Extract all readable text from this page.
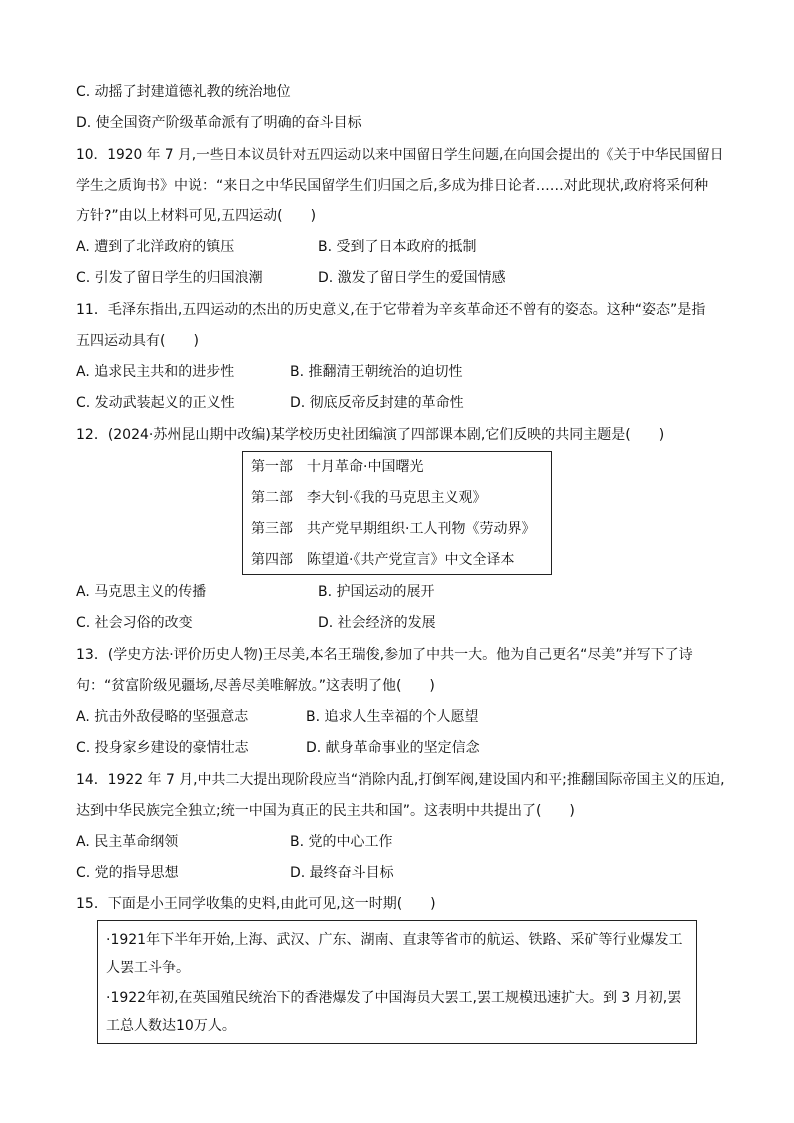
C. 动摇了封建道德礼教的统治地位
D. 使全国资产阶级革命派有了明确的奋斗目标
10．1920 年 7 月,一些日本议员针对五四运动以来中国留日学生问题,在向国会提出的《关于中华民国留日
学生之质询书》中说：“来日之中华民国留学生们归国之后,多成为排日论者……对此现状,政府将采何种
方针?”由以上材料可见,五四运动(　　)
A. 遭到了北洋政府的镇压	B. 受到了日本政府的抵制
C. 引发了留日学生的归国浪潮	D. 激发了留日学生的爱国情感
11．毛泽东指出,五四运动的杰出的历史意义,在于它带着为辛亥革命还不曾有的姿态。这种“姿态”是指
五四运动具有(　　)
A. 追求民主共和的进步性	B. 推翻清王朝统治的迫切性
C. 发动武装起义的正义性	D. 彻底反帝反封建的革命性
12．(2024·苏州昆山期中改编)某学校历史社团编演了四部课本剧,它们反映的共同主题是(　　)
第一部　十月革命·中国曙光
第二部　李大钊·《我的马克思主义观》
第三部　共产党早期组织·工人刊物《劳动界》
第四部　陈望道·《共产党宣言》中文全译本
A. 马克思主义的传播	B. 护国运动的展开
C. 社会习俗的改变	D. 社会经济的发展
13．(学史方法·评价历史人物)王尽美,本名王瑞俊,参加了中共一大。他为自己更名“尽美”并写下了诗
句：“贫富阶级见疆场,尽善尽美唯解放。”这表明了他(　　)
A. 抗击外敌侵略的坚强意志	B. 追求人生幸福的个人愿望
C. 投身家乡建设的豪情壮志	D. 献身革命事业的坚定信念
14．1922 年 7 月,中共二大提出现阶段应当“消除内乱,打倒军阀,建设国内和平;推翻国际帝国主义的压迫,
达到中华民族完全独立;统一中国为真正的民主共和国”。这表明中共提出了(　　)
A. 民主革命纲领	B. 党的中心工作
C. 党的指导思想	D. 最终奋斗目标
15．下面是小王同学收集的史料,由此可见,这一时期(　　)
·1921年下半年开始,上海、武汉、广东、湖南、直隶等省市的航运、铁路、采矿等行业爆发工
人罢工斗争。
·1922年初,在英国殖民统治下的香港爆发了中国海员大罢工,罢工规模迅速扩大。到 3 月初,罢
工总人数达10万人。
